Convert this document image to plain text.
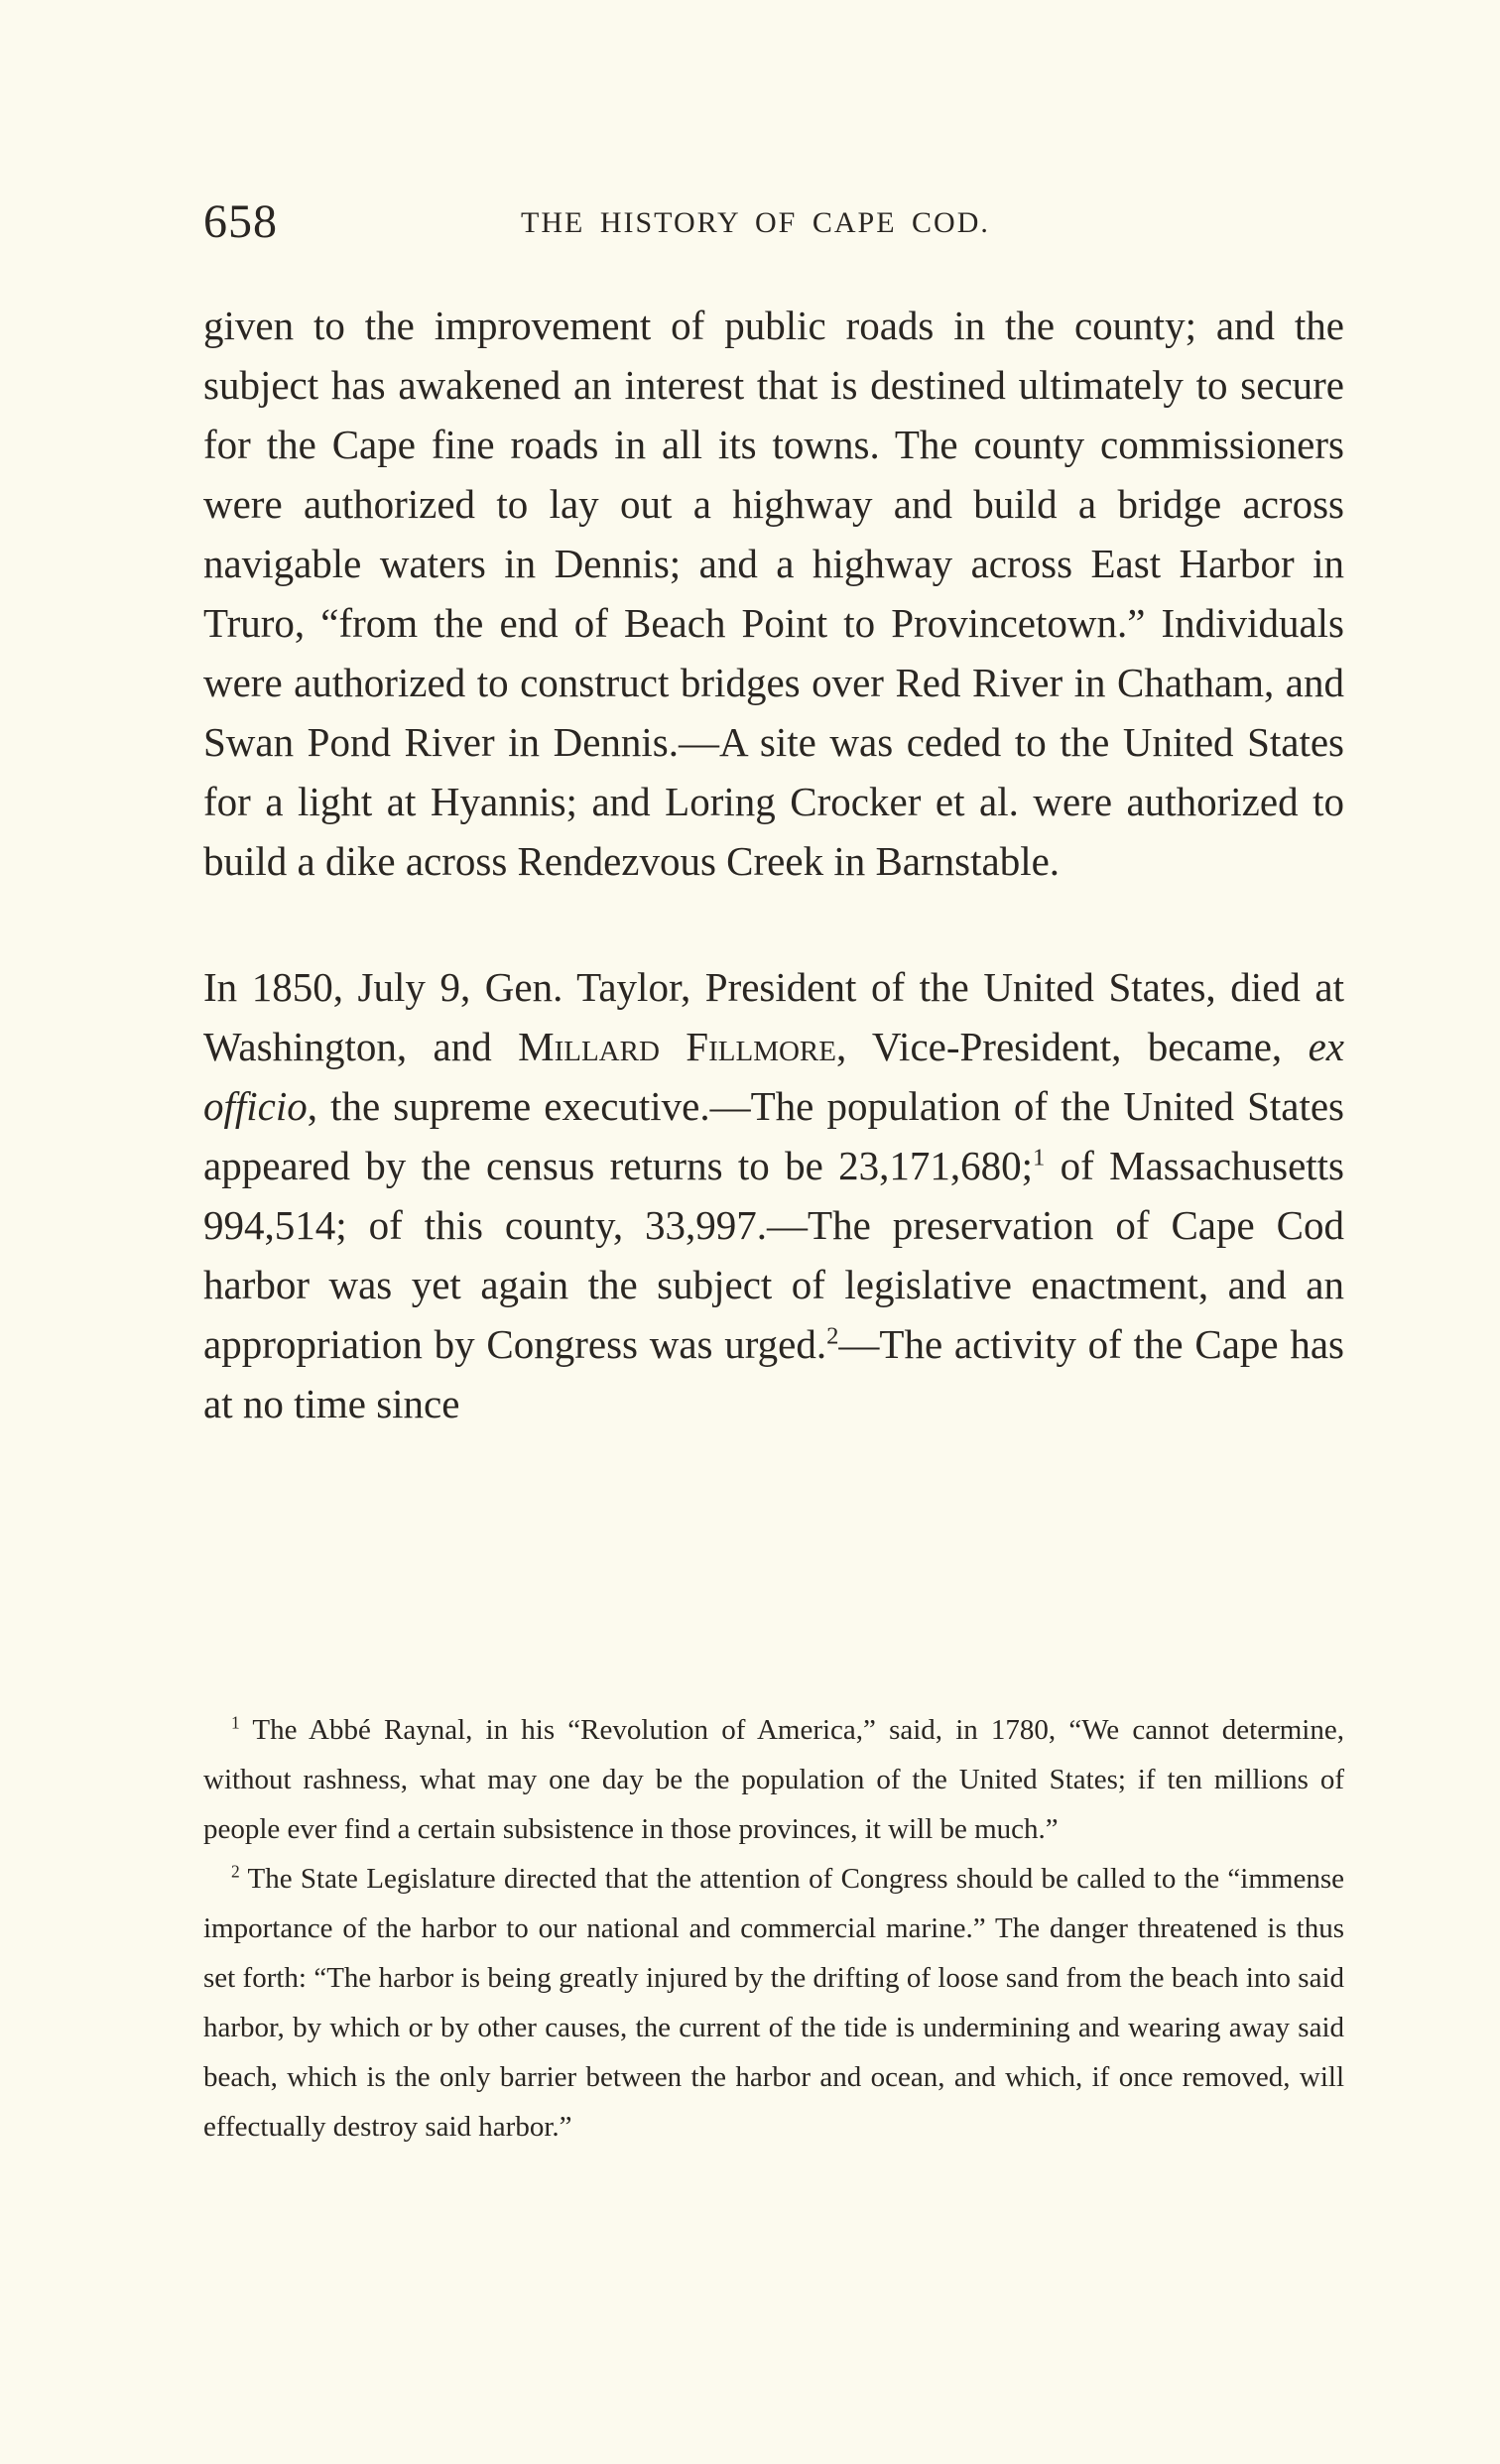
658	THE HISTORY OF CAPE COD.

given to the improvement of public roads in the county; and the subject has awakened an interest that is destined ultimately to secure for the Cape fine roads in all its towns. The county commissioners were authorized to lay out a highway and build a bridge across navigable waters in Dennis; and a highway across East Harbor in Truro, “from the end of Beach Point to Provincetown.” Individuals were authorized to construct bridges over Red River in Chatham, and Swan Pond River in Dennis.—A site was ceded to the United States for a light at Hyannis; and Loring Crocker et al. were authorized to build a dike across Rendezvous Creek in Barnstable.

In 1850, July 9, Gen. Taylor, President of the United States, died at Washington, and Millard Fillmore, Vice-President, became, ex officio, the supreme executive.—The population of the United States appeared by the census returns to be 23,171,680;$^1$ of Massachusetts 994,514; of this county, 33,997.—The preservation of Cape Cod harbor was yet again the subject of legislative enactment, and an appropriation by Congress was urged.$^2$—The activity of the Cape has at no time since

$^1$ The Abbé Raynal, in his “Revolution of America,” said, in 1780, “We cannot determine, without rashness, what may one day be the population of the United States; if ten millions of people ever find a certain subsistence in those provinces, it will be much.”

$^2$ The State Legislature directed that the attention of Congress should be called to the “immense importance of the harbor to our national and commercial marine.” The danger threatened is thus set forth: “The harbor is being greatly injured by the drifting of loose sand from the beach into said harbor, by which or by other causes, the current of the tide is undermining and wearing away said beach, which is the only barrier between the harbor and ocean, and which, if once removed, will effectually destroy said harbor.”
